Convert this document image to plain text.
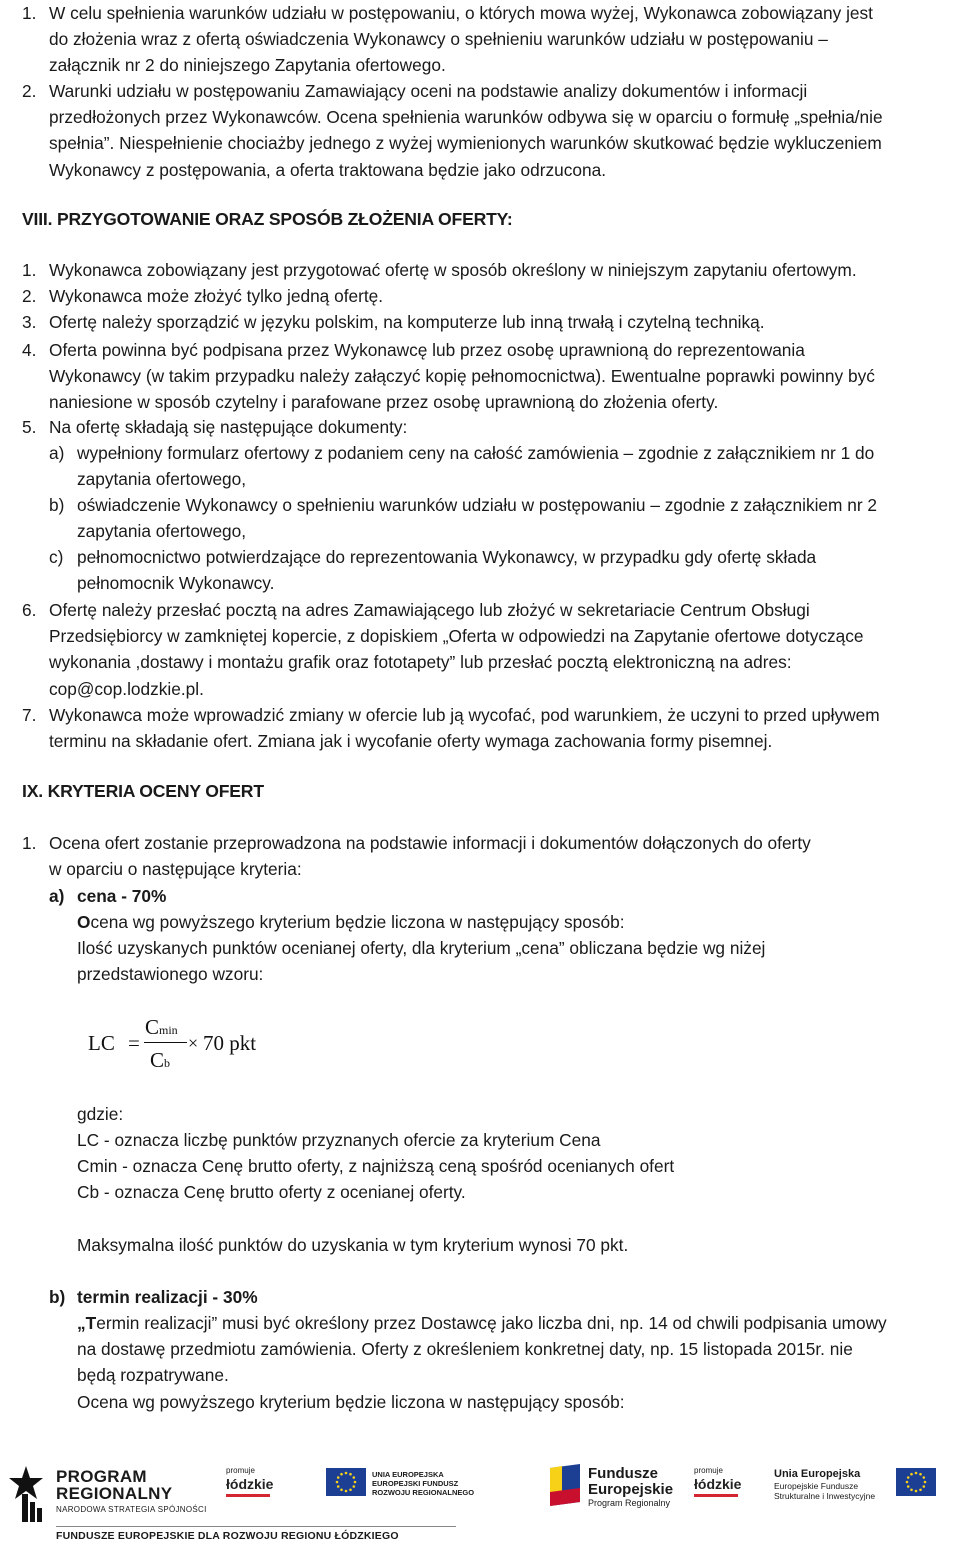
1. W celu spełnienia warunków udziału w postępowaniu, o których mowa wyżej, Wykonawca zobowiązany jest
do złożenia wraz z ofertą oświadczenia Wykonawcy o spełnieniu warunków udziału w postępowaniu –
załącznik nr 2 do niniejszego Zapytania ofertowego.
2. Warunki udziału w postępowaniu Zamawiający oceni na podstawie analizy dokumentów i informacji
przedłożonych przez Wykonawców. Ocena spełnienia warunków odbywa się w oparciu o formułę „spełnia/nie
spełnia”. Niespełnienie chociażby jednego z wyżej wymienionych warunków skutkować będzie wykluczeniem
Wykonawcy z postępowania, a oferta traktowana będzie jako odrzucona.
VIII. PRZYGOTOWANIE ORAZ SPOSÓB ZŁOŻENIA OFERTY:
1. Wykonawca zobowiązany jest przygotować ofertę w sposób określony w niniejszym zapytaniu ofertowym.
2. Wykonawca może złożyć tylko jedną ofertę.
3. Ofertę należy sporządzić w języku polskim, na komputerze lub inną trwałą i czytelną techniką.
4. Oferta powinna być podpisana przez Wykonawcę lub przez osobę uprawnioną do reprezentowania
Wykonawcy (w takim przypadku należy załączyć kopię pełnomocnictwa). Ewentualne poprawki powinny być
naniesione w sposób czytelny i parafowane przez osobę uprawnioną do złożenia oferty.
5. Na ofertę składają się następujące dokumenty:
a) wypełniony formularz ofertowy z podaniem ceny na całość zamówienia – zgodnie z załącznikiem nr 1 do
zapytania ofertowego,
b) oświadczenie Wykonawcy o spełnieniu warunków udziału w postępowaniu – zgodnie z załącznikiem nr 2
zapytania ofertowego,
c) pełnomocnictwo potwierdzające do reprezentowania Wykonawcy, w przypadku gdy ofertę składa
pełnomocnik Wykonawcy.
6. Ofertę należy przesłać pocztą na adres Zamawiającego lub złożyć w sekretariacie Centrum Obsługi
Przedsiębiorcy w zamkniętej kopercie, z dopiskiem „Oferta w odpowiedzi na Zapytanie ofertowe dotyczące
wykonania ,dostawy i montażu grafik oraz fototapety” lub przesłać pocztą elektroniczną na adres:
cop@cop.lodzkie.pl.
7. Wykonawca może wprowadzić zmiany w ofercie lub ją wycofać, pod warunkiem, że uczyni to przed upływem
terminu na składanie ofert. Zmiana jak i wycofanie oferty wymaga zachowania formy pisemnej.
IX. KRYTERIA OCENY OFERT
1. Ocena ofert zostanie przeprowadzona na podstawie informacji i dokumentów dołączonych do oferty
w oparciu o następujące kryteria:
a) cena - 70%
Ocena wg powyższego kryterium będzie liczona w następujący sposób:
Ilość uzyskanych punktów ocenianej oferty, dla kryterium „cena” obliczana będzie wg niżej
przedstawionego wzoru:
LC =
Cmin
Cb
× 70 pkt
gdzie:
LC - oznacza liczbę punktów przyznanych ofercie za kryterium Cena
Cmin - oznacza Cenę brutto oferty, z najniższą ceną spośród ocenianych ofert
Cb - oznacza Cenę brutto oferty z ocenianej oferty.
Maksymalna ilość punktów do uzyskania w tym kryterium wynosi 70 pkt.
b) termin realizacji - 30%
„Termin realizacji” musi być określony przez Dostawcę jako liczba dni, np. 14 od chwili podpisania umowy
na dostawę przedmiotu zamówienia. Oferty z określeniem konkretnej daty, np. 15 listopada 2015r. nie
będą rozpatrywane.
Ocena wg powyższego kryterium będzie liczona w następujący sposób:
PROGRAM
REGIONALNY
NARODOWA STRATEGIA SPÓJNOŚCI
promuje
łódzkie
UNIA EUROPEJSKA
EUROPEJSKI FUNDUSZ
ROZWOJU REGIONALNEGO
Fundusze
Europejskie
Program Regionalny
promuje
łódzkie
Unia Europejska
Europejskie Fundusze
Strukturalne i Inwestycyjne
FUNDUSZE EUROPEJSKIE DLA ROZWOJU REGIONU ŁÓDZKIEGO
